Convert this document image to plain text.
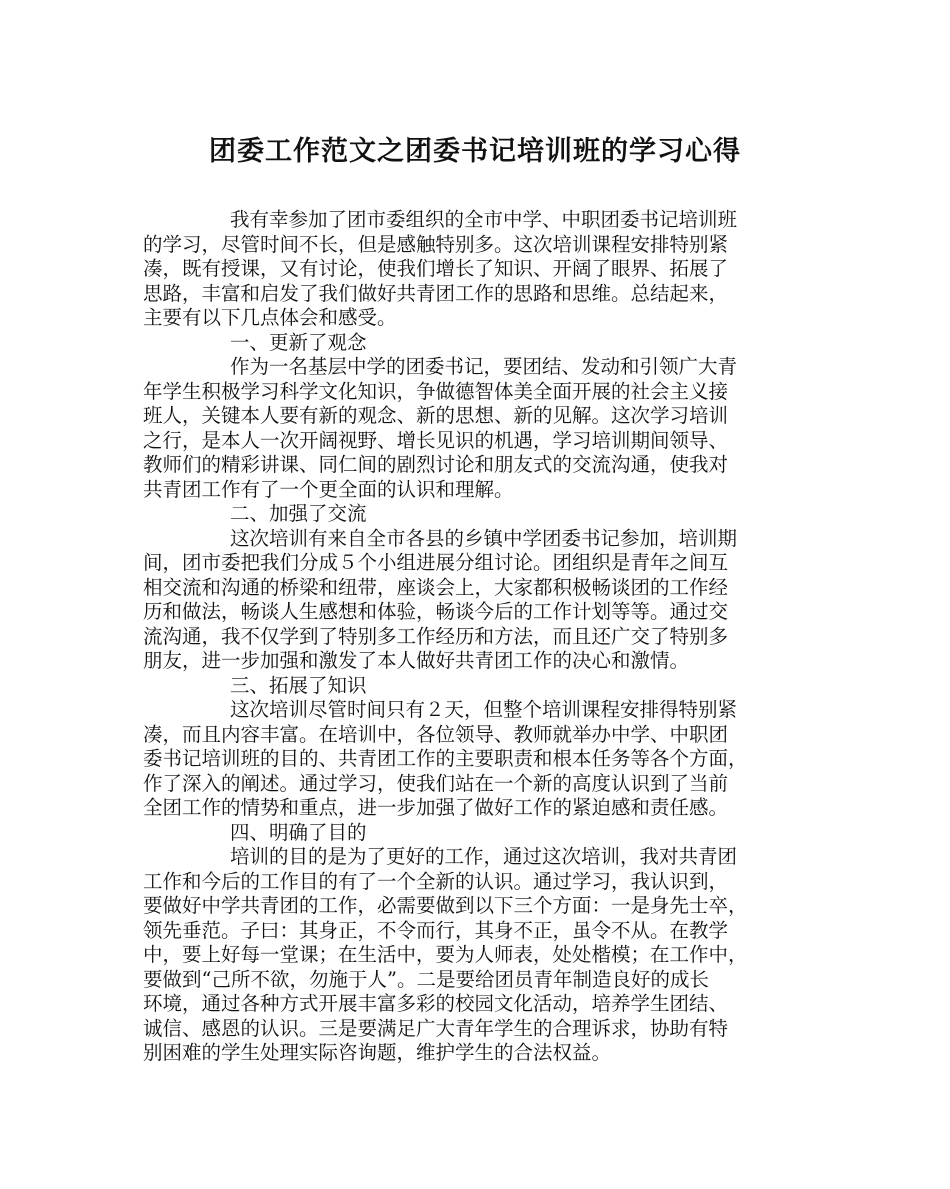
团委工作范文之团委书记培训班的学习心得
我有幸参加了团市委组织的全市中学、中职团委书记培训班
的学习，尽管时间不长，但是感触特别多。这次培训课程安排特别紧
凑，既有授课，又有讨论，使我们增长了知识、开阔了眼界、拓展了
思路，丰富和启发了我们做好共青团工作的思路和思维。总结起来，
主要有以下几点体会和感受。
一、更新了观念
作为一名基层中学的团委书记，要团结、发动和引领广大青
年学生积极学习科学文化知识，争做德智体美全面开展的社会主义接
班人，关键本人要有新的观念、新的思想、新的见解。这次学习培训
之行，是本人一次开阔视野、增长见识的机遇，学习培训期间领导、
教师们的精彩讲课、同仁间的剧烈讨论和朋友式的交流沟通，使我对
共青团工作有了一个更全面的认识和理解。
二、加强了交流
这次培训有来自全市各县的乡镇中学团委书记参加，培训期
间，团市委把我们分成５个小组进展分组讨论。团组织是青年之间互
相交流和沟通的桥梁和纽带，座谈会上，大家都积极畅谈团的工作经
历和做法，畅谈人生感想和体验，畅谈今后的工作计划等等。通过交
流沟通，我不仅学到了特别多工作经历和方法，而且还广交了特别多
朋友，进一步加强和激发了本人做好共青团工作的决心和激情。
三、拓展了知识
这次培训尽管时间只有２天，但整个培训课程安排得特别紧
凑，而且内容丰富。在培训中，各位领导、教师就举办中学、中职团
委书记培训班的目的、共青团工作的主要职责和根本任务等各个方面，
作了深入的阐述。通过学习，使我们站在一个新的高度认识到了当前
全团工作的情势和重点，进一步加强了做好工作的紧迫感和责任感。
四、明确了目的
培训的目的是为了更好的工作，通过这次培训，我对共青团
工作和今后的工作目的有了一个全新的认识。通过学习，我认识到，
要做好中学共青团的工作，必需要做到以下三个方面：一是身先士卒，
领先垂范。子曰：其身正，不令而行，其身不正，虽令不从。在教学
中，要上好每一堂课；在生活中，要为人师表，处处楷模；在工作中，
要做到“己所不欲，勿施于人”。二是要给团员青年制造良好的成长
环境，通过各种方式开展丰富多彩的校园文化活动，培养学生团结、
诚信、感恩的认识。三是要满足广大青年学生的合理诉求，协助有特
别困难的学生处理实际咨询题，维护学生的合法权益。
